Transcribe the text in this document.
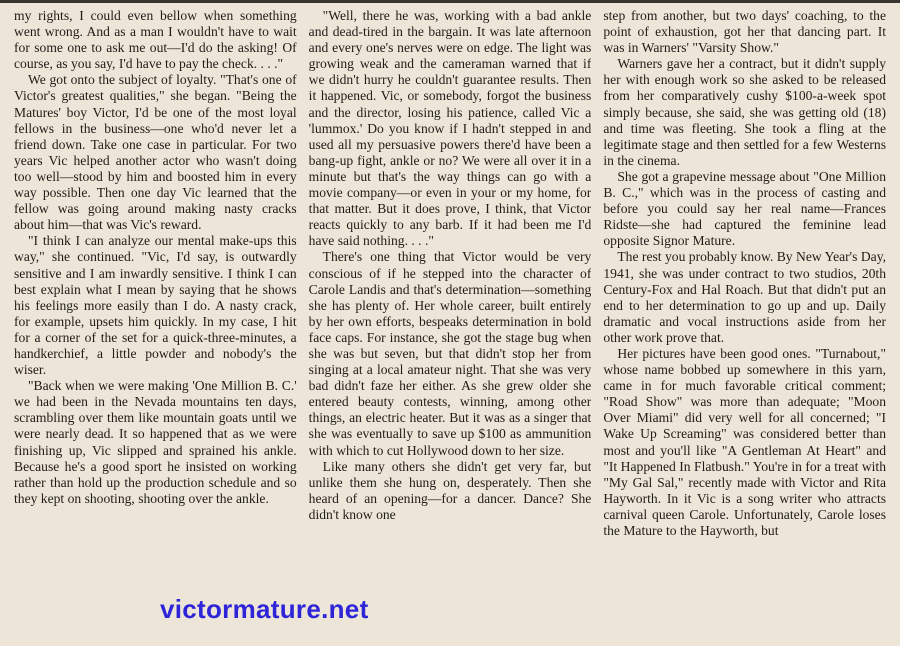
my rights, I could even bellow when something went wrong. And as a man I wouldn't have to wait for some one to ask me out—I'd do the asking! Of course, as you say, I'd have to pay the check. . . ."

We got onto the subject of loyalty. "That's one of Victor's greatest qualities," she began. "Being the Matures' boy Victor, I'd be one of the most loyal fellows in the business—one who'd never let a friend down. Take one case in particular. For two years Vic helped another actor who wasn't doing too well—stood by him and boosted him in every way possible. Then one day Vic learned that the fellow was going around making nasty cracks about him—that was Vic's reward.

"I think I can analyze our mental make-ups this way," she continued. "Vic, I'd say, is outwardly sensitive and I am inwardly sensitive. I think I can best explain what I mean by saying that he shows his feelings more easily than I do. A nasty crack, for example, upsets him quickly. In my case, I hit for a corner of the set for a quick-three-minutes, a handkerchief, a little powder and nobody's the wiser.

"Back when we were making 'One Million B. C.' we had been in the Nevada mountains ten days, scrambling over them like mountain goats until we were nearly dead. It so happened that as we were finishing up, Vic slipped and sprained his ankle. Because he's a good sport he insisted on working rather than hold up the production schedule and so they kept on shooting, shooting over the ankle.

"Well, there he was, working with a bad ankle and dead-tired in the bargain. It was late afternoon and every one's nerves were on edge. The light was growing weak and the cameraman warned that if we didn't hurry he couldn't guarantee results. Then it happened. Vic, or somebody, forgot the business and the director, losing his patience, called Vic a 'lummox.' Do you know if I hadn't stepped in and used all my persuasive powers there'd have been a bang-up fight, ankle or no? We were all over it in a minute but that's the way things can go with a movie company—or even in your or my home, for that matter. But it does prove, I think, that Victor reacts quickly to any barb. If it had been me I'd have said nothing. . . ."

There's one thing that Victor would be very conscious of if he stepped into the character of Carole Landis and that's determination—something she has plenty of. Her whole career, built entirely by her own efforts, bespeaks determination in bold face caps. For instance, she got the stage bug when she was but seven, but that didn't stop her from singing at a local amateur night. That she was very bad didn't faze her either. As she grew older she entered beauty contests, winning, among other things, an electric heater. But it was as a singer that she was eventually to save up $100 as ammunition with which to cut Hollywood down to her size.

Like many others she didn't get very far, but unlike them she hung on, desperately. Then she heard of an opening—for a dancer. Dance? She didn't know one

step from another, but two days' coaching, to the point of exhaustion, got her that dancing part. It was in Warners' "Varsity Show."

Warners gave her a contract, but it didn't supply her with enough work so she asked to be released from her comparatively cushy $100-a-week spot simply because, she said, she was getting old (18) and time was fleeting. She took a fling at the legitimate stage and then settled for a few Westerns in the cinema.

She got a grapevine message about "One Million B. C.," which was in the process of casting and before you could say her real name—Frances Ridste—she had captured the feminine lead opposite Signor Mature.

The rest you probably know. By New Year's Day, 1941, she was under contract to two studios, 20th Century-Fox and Hal Roach. But that didn't put an end to her determination to go up and up. Daily dramatic and vocal instructions aside from her other work prove that.

Her pictures have been good ones. "Turnabout," whose name bobbed up somewhere in this yarn, came in for much favorable critical comment; "Road Show" was more than adequate; "Moon Over Miami" did very well for all concerned; "I Wake Up Screaming" was considered better than most and you'll like "A Gentleman At Heart" and "It Happened In Flatbush." You're in for a treat with "My Gal Sal," recently made with Victor and Rita Hayworth. In it Vic is a song writer who attracts carnival queen Carole. Unfortunately, Carole loses the Mature to the Hayworth, but

victormature.net
